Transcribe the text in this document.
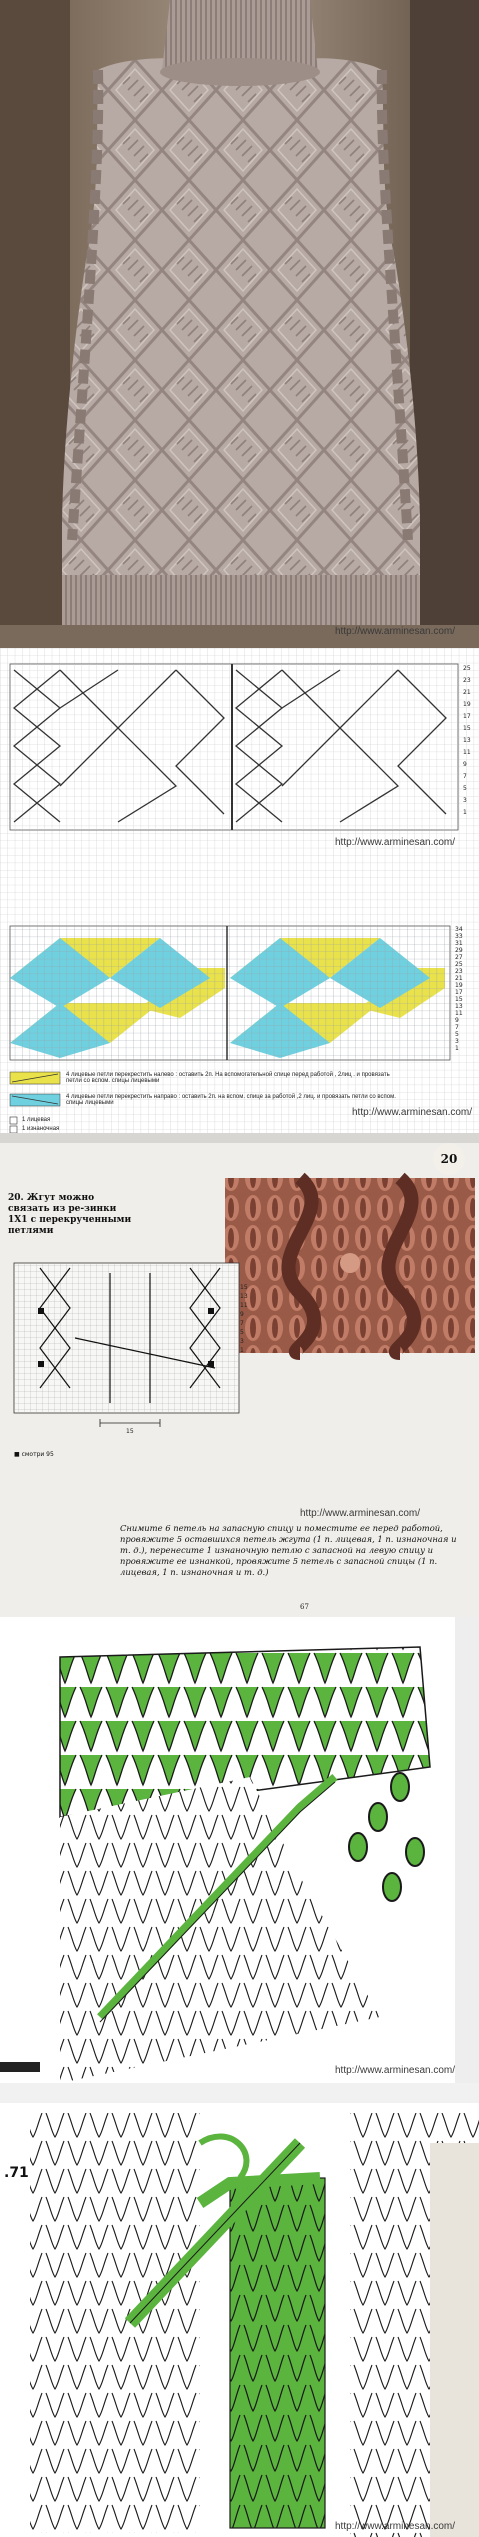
http://www.arminesan.com/
25
23
21
19
17
15
13
11
9
7
5
3
1
34
33
31
29
27
25
23
21
19
17
15
13
11
9
7
5
3
1
http://www.arminesan.com/
http://www.arminesan.com/
4 лицевые петли перекрестить налево : оставить 2п. На вспомогательной спице перед работой , 2лиц . и провязать петли со вспом. спицы лицевыми
4 лицевые петли перекрестить направо : оставить 2п. на вспом. спице за работой ,2 лиц. и провязать петли со вспом. спицы лицевыми
1 лицевая
1 изнаночная
20. Жгут можно связать из ре-зинки 1Х1 с перекрученными петлями
20
15
13
11
9
7
5
3
1
15
■ смотри 95
http://www.arminesan.com/
Снимите 6 петель на запасную спицу и поместите ее перед работой, провяжите 5 оставшихся петель жгута (1 п. лицевая, 1 п. изнаночная и т. д.), перенесите 1 изнаночную петлю с запасной на левую спицу и провяжите ее изнанкой, провяжите 5 петель с запасной спицы (1 п. лицевая, 1 п. изнаночная и т. д.)
67
http://www.arminesan.com/
.71
http://www.arminesan.com/
